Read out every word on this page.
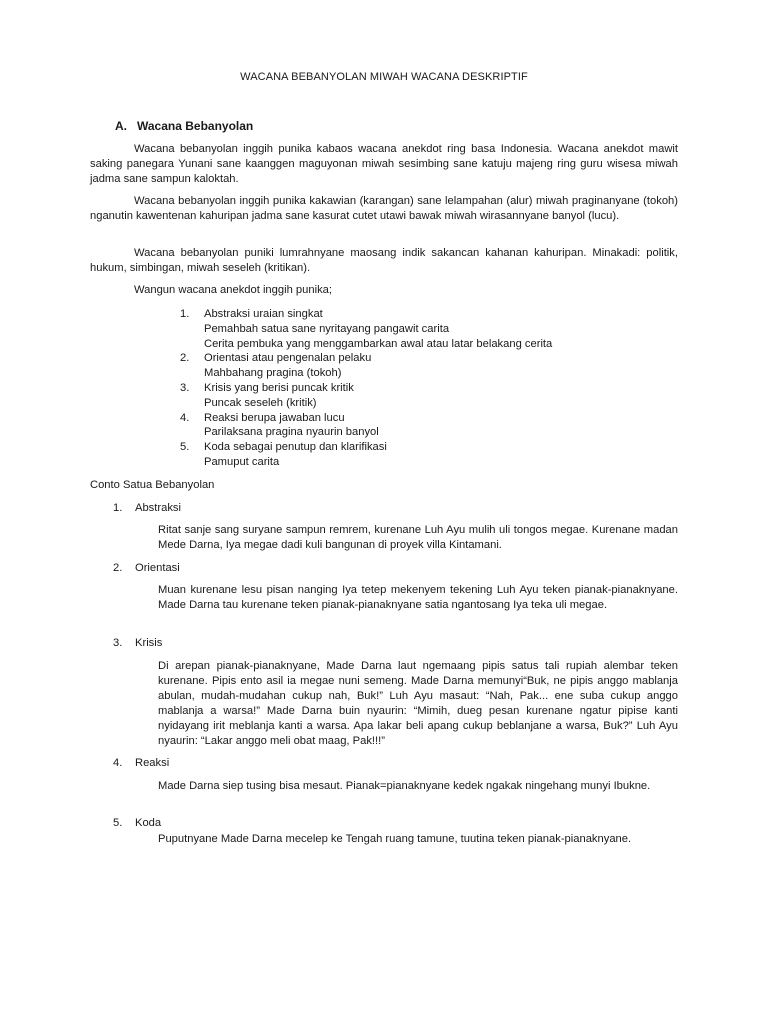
WACANA BEBANYOLAN MIWAH WACANA DESKRIPTIF
A. Wacana Bebanyolan

Wacana bebanyolan inggih punika kabaos wacana anekdot ring basa Indonesia. Wacana anekdot mawit saking panegara Yunani sane kaanggen maguyonan miwah sesimbing sane katuju majeng ring guru wisesa miwah jadma sane sampun kaloktah.

Wacana bebanyolan inggih punika kakawian (karangan) sane lelampahan (alur) miwah praginanyane (tokoh) nganutin kawentenan kahuripan jadma sane kasurat cutet utawi bawak miwah wirasannyane banyol (lucu).

Wacana bebanyolan puniki lumrahnyane maosang indik sakancan kahanan kahuripan. Minakadi: politik, hukum, simbingan, miwah seseleh (kritikan).

Wangun wacana anekdot inggih punika;

1. Abstraksi uraian singkat
Pemahbah satua sane nyritayang pangawit carita
Cerita pembuka yang menggambarkan awal atau latar belakang cerita
2. Orientasi atau pengenalan pelaku
Mahbahang pragina (tokoh)
3. Krisis yang berisi puncak kritik
Puncak seseleh (kritik)
4. Reaksi berupa jawaban lucu
Parilaksana pragina nyaurin banyol
5. Koda sebagai penutup dan klarifikasi
Pamuput carita
Conto Satua Bebanyolan
1. Abstraksi

Ritat sanje sang suryane sampun remrem, kurenane Luh Ayu mulih uli tongos megae. Kurenane madan Mede Darna, Iya megae dadi kuli bangunan di proyek villa Kintamani.

2. Orientasi

Muan kurenane lesu pisan nanging Iya tetep mekenyem tekening Luh Ayu teken pianak-pianaknyane. Made Darna tau kurenane teken pianak-pianaknyane satia ngantosang Iya teka uli megae.

3. Krisis

Di arepan pianak-pianaknyane, Made Darna laut ngemaang pipis satus tali rupiah alembar teken kurenane. Pipis ento asil ia megae nuni semeng. Made Darna memunyi“Buk, ne pipis anggo mablanja abulan, mudah-mudahan cukup nah, Buk!” Luh Ayu masaut: “Nah, Pak... ene suba cukup anggo mablanja a warsa!” Made Darna buin nyaurin: “Mimih, dueg pesan kurenane ngatur pipise kanti nyidayang irit meblanja kanti a warsa. Apa lakar beli apang cukup beblanjane a warsa, Buk?” Luh Ayu nyaurin: “Lakar anggo meli obat maag, Pak!!!”

4. Reaksi

Made Darna siep tusing bisa mesaut. Pianak=pianaknyane kedek ngakak ningehang munyi Ibukne.

5. Koda

Puputnyane Made Darna mecelep ke Tengah ruang tamune, tuutina teken pianak-pianaknyane.
